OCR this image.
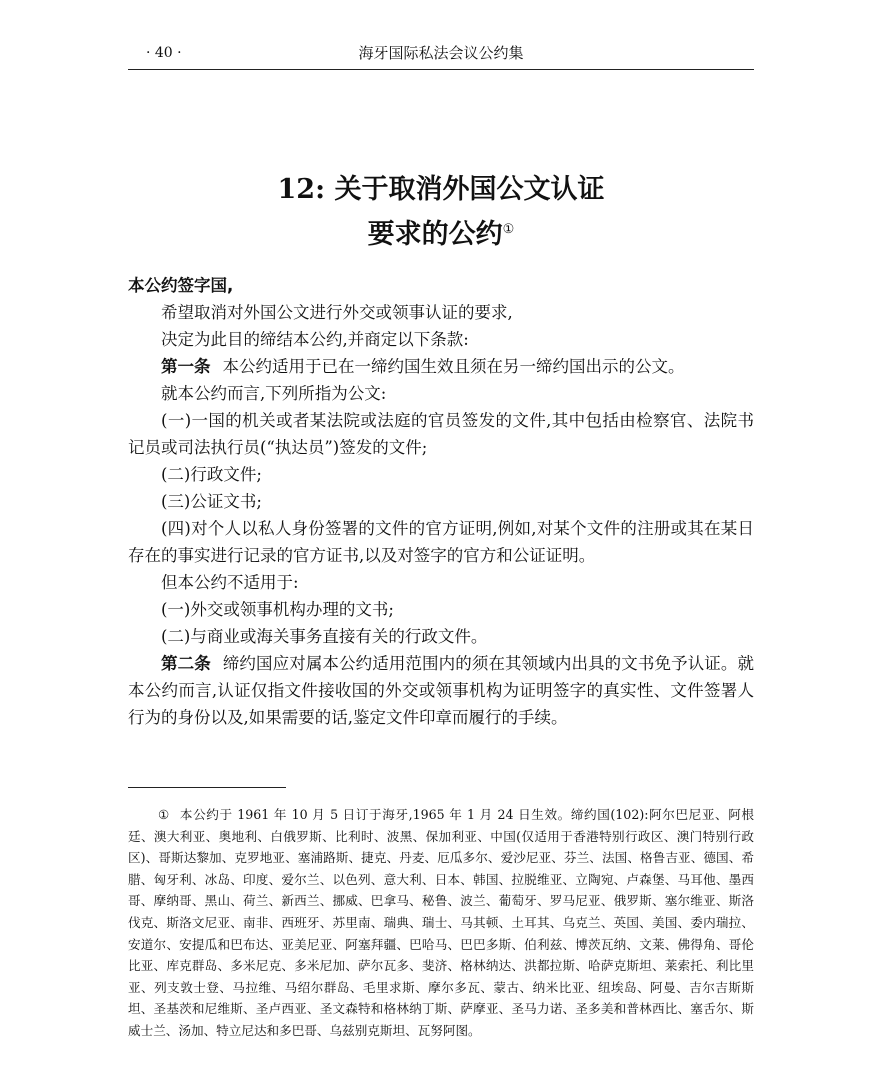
· 40 ·	海牙国际私法会议公约集
12: 关于取消外国公文认证
要求的公约①

本公约签字国,

希望取消对外国公文进行外交或领事认证的要求,

决定为此目的缔结本公约,并商定以下条款:

第一条 本公约适用于已在一缔约国生效且须在另一缔约国出示的公文。

就本公约而言,下列所指为公文:

(一)一国的机关或者某法院或法庭的官员签发的文件,其中包括由检察官、法院书记员或司法执行员(“执达员”)签发的文件;

(二)行政文件;

(三)公证文书;

(四)对个人以私人身份签署的文件的官方证明,例如,对某个文件的注册或其在某日存在的事实进行记录的官方证书,以及对签字的官方和公证证明。

但本公约不适用于:

(一)外交或领事机构办理的文书;

(二)与商业或海关事务直接有关的行政文件。

第二条 缔约国应对属本公约适用范围内的须在其领域内出具的文书免予认证。就本公约而言,认证仅指文件接收国的外交或领事机构为证明签字的真实性、文件签署人行为的身份以及,如果需要的话,鉴定文件印章而履行的手续。

① 本公约于 1961 年 10 月 5 日订于海牙,1965 年 1 月 24 日生效。缔约国(102):阿尔巴尼亚、阿根廷、澳大利亚、奥地利、白俄罗斯、比利时、波黑、保加利亚、中国(仅适用于香港特别行政区、澳门特别行政区)、哥斯达黎加、克罗地亚、塞浦路斯、捷克、丹麦、厄瓜多尔、爱沙尼亚、芬兰、法国、格鲁吉亚、德国、希腊、匈牙利、冰岛、印度、爱尔兰、以色列、意大利、日本、韩国、拉脱维亚、立陶宛、卢森堡、马耳他、墨西哥、摩纳哥、黑山、荷兰、新西兰、挪威、巴拿马、秘鲁、波兰、葡萄牙、罗马尼亚、俄罗斯、塞尔维亚、斯洛伐克、斯洛文尼亚、南非、西班牙、苏里南、瑞典、瑞士、马其顿、土耳其、乌克兰、英国、美国、委内瑞拉、安道尔、安提瓜和巴布达、亚美尼亚、阿塞拜疆、巴哈马、巴巴多斯、伯利兹、博茨瓦纳、文莱、佛得角、哥伦比亚、库克群岛、多米尼克、多米尼加、萨尔瓦多、斐济、格林纳达、洪都拉斯、哈萨克斯坦、莱索托、利比里亚、列支敦士登、马拉维、马绍尔群岛、毛里求斯、摩尔多瓦、蒙古、纳米比亚、纽埃岛、阿曼、吉尔吉斯斯坦、圣基茨和尼维斯、圣卢西亚、圣文森特和格林纳丁斯、萨摩亚、圣马力诺、圣多美和普林西比、塞舌尔、斯威士兰、汤加、特立尼达和多巴哥、乌兹别克斯坦、瓦努阿图。
